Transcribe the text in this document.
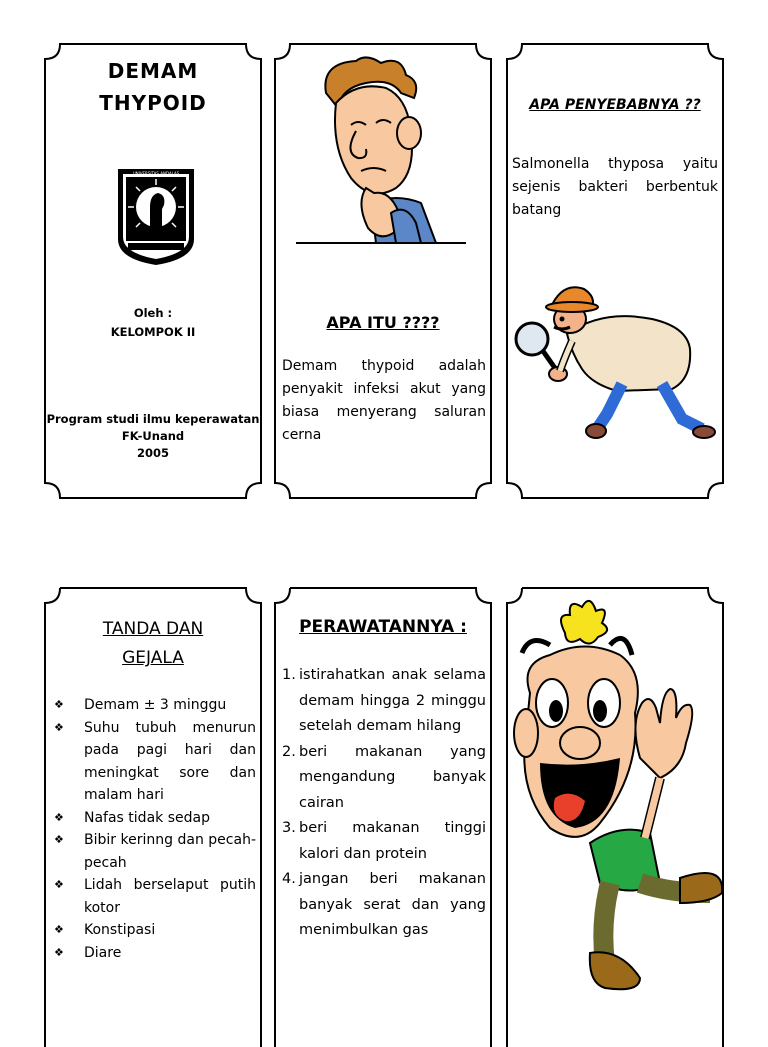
DEMAM
THYPOID
UNIVERSITAS ANDALAS
Oleh :
KELOMPOK II
Program studi ilmu keperawatan
FK-Unand
2005
APA ITU ????
Demam thypoid adalah penyakit infeksi akut yang biasa menyerang saluran cerna
APA PENYEBABNYA ??
Salmonella thyposa yaitu sejenis bakteri berbentuk batang
TANDA DAN
GEJALA
❖ Demam ± 3 minggu
❖ Suhu tubuh menurun pada pagi hari dan meningkat sore dan malam hari
❖ Nafas tidak sedap
❖ Bibir kerinng dan pecah-pecah
❖ Lidah berselaput putih kotor
❖ Konstipasi
❖ Diare
PERAWATANNYA :
1. istirahatkan anak selama demam hingga 2 minggu setelah demam hilang
2. beri makanan yang mengandung banyak cairan
3. beri makanan tinggi kalori dan protein
4. jangan beri makanan banyak serat dan yang menimbulkan gas
